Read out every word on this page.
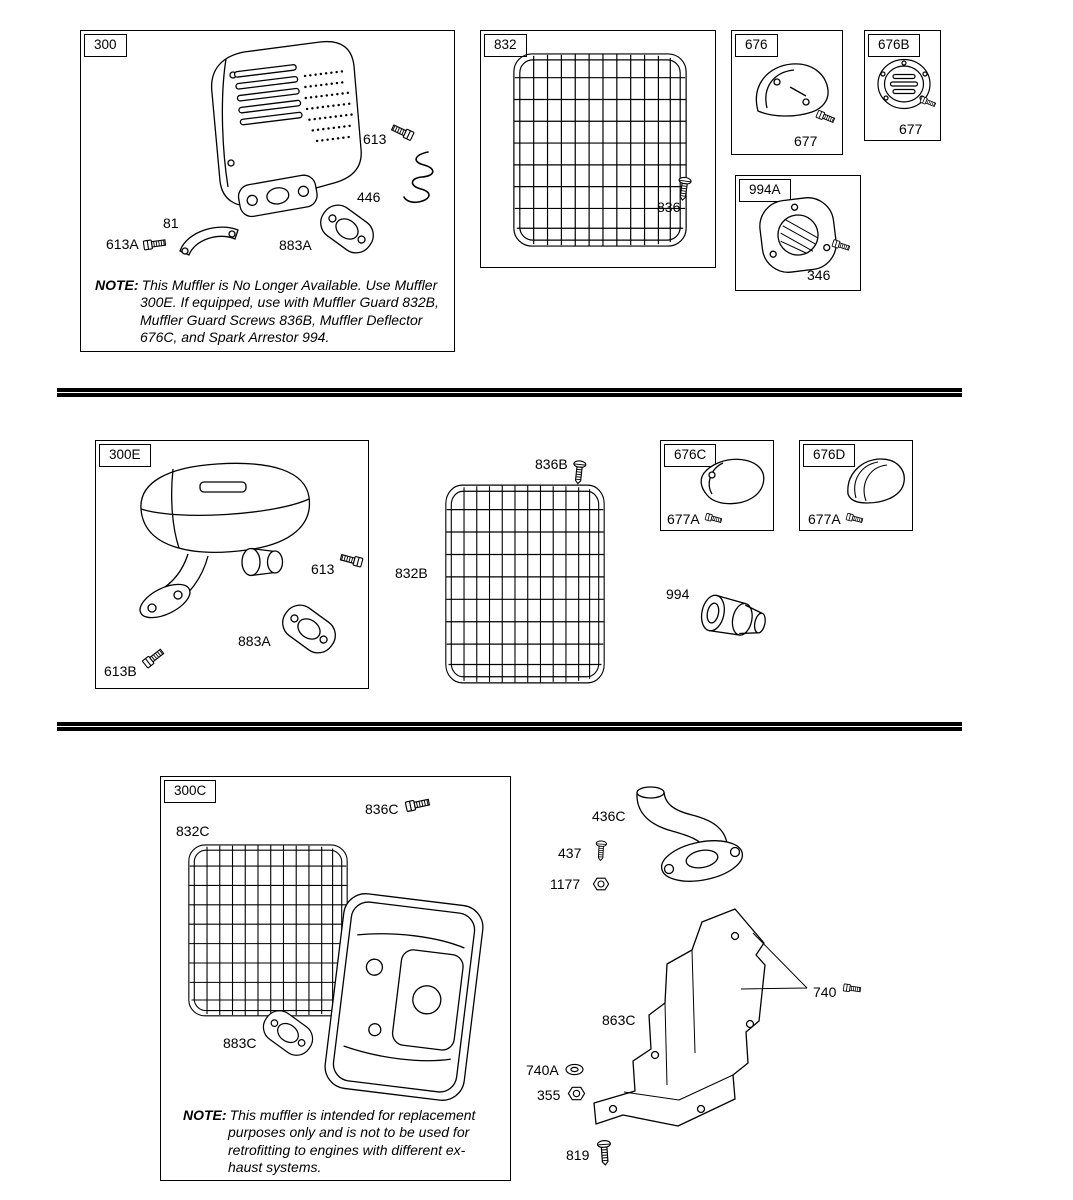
300
613
446
81
613A	883A
NOTE: This Muffler is No Longer Available. Use Muffler
300E. If equipped, use with Muffler Guard 832B,
Muffler Guard Screws 836B, Muffler Deflector
676C, and Spark Arrestor 994.
832
836
676
677
676B
677
994A
346
300E
613
883A
613B
836B
832B
676C
677A
676D
677A
994
300C
836C
832C
883C
NOTE: This muffler is intended for replacement
purposes only and is not to be used for
retrofitting to engines with different ex-
haust systems.
436C
437
1177
863C
740
740A
355
819
